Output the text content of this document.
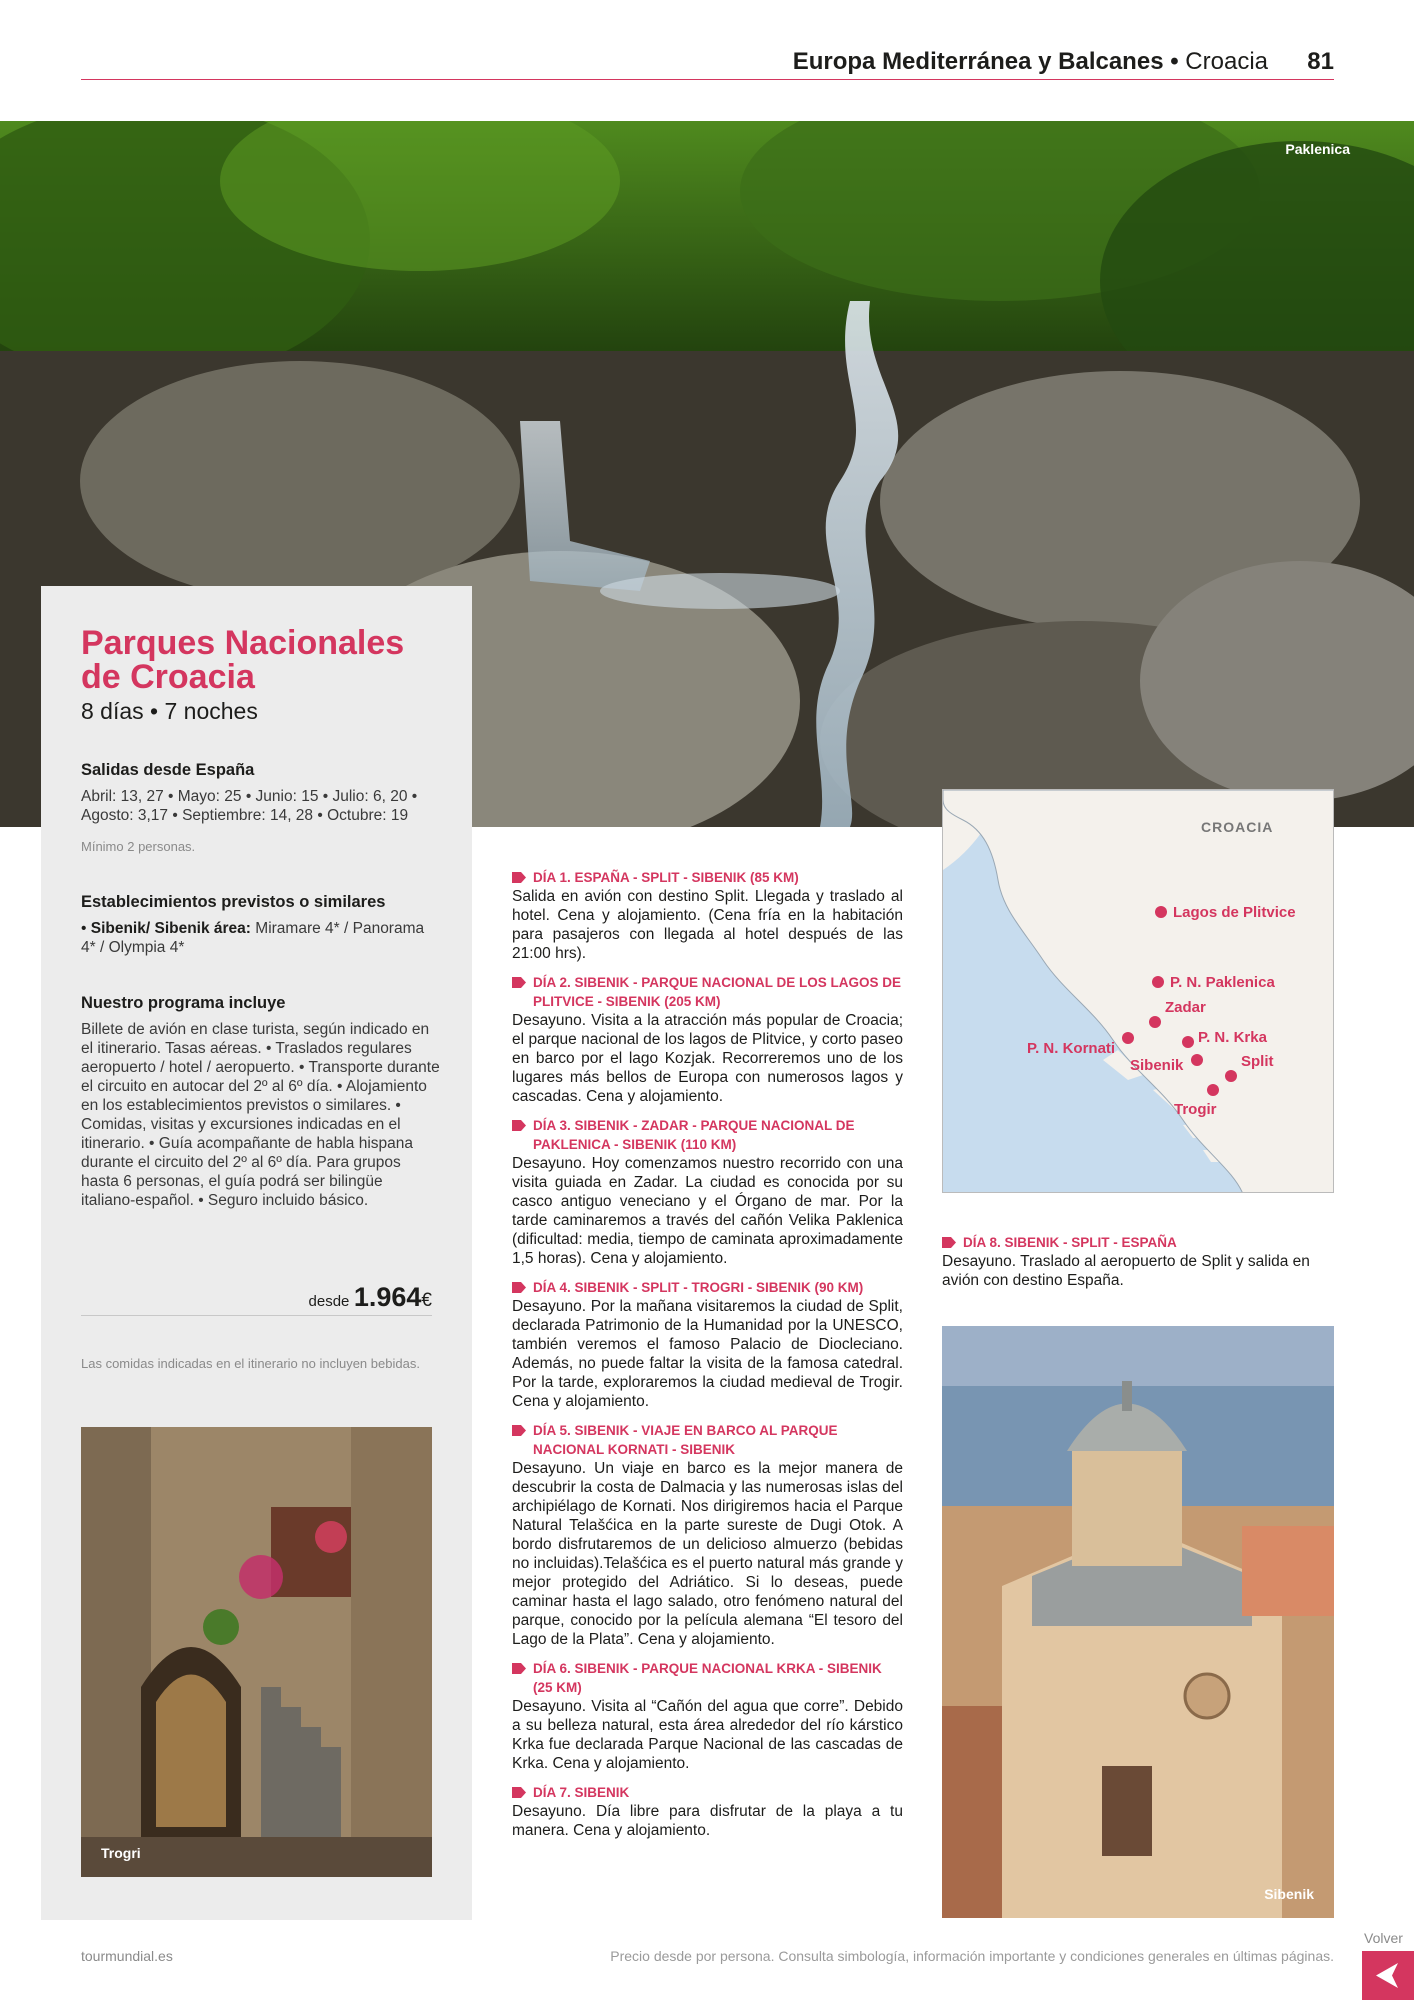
Europa Mediterránea y Balcanes • Croacia 81
Paklenica
Parques Nacionales de Croacia
8 días • 7 noches
Salidas desde España
Abril: 13, 27 • Mayo: 25 • Junio: 15 • Julio: 6, 20 • Agosto: 3,17 • Septiembre: 14, 28 • Octubre: 19
Mínimo 2 personas.
Establecimientos previstos o similares
• Sibenik/ Sibenik área: Miramare 4* / Panorama 4* / Olympia 4*
Nuestro programa incluye
Billete de avión en clase turista, según indicado en el itinerario. Tasas aéreas. • Traslados regulares aeropuerto / hotel / aeropuerto. • Transporte durante el circuito en autocar del 2º al 6º día. • Alojamiento en los establecimientos previstos o similares. • Comidas, visitas y excursiones indicadas en el itinerario. • Guía acompañante de habla hispana durante el circuito del 2º al 6º día. Para grupos hasta 6 personas, el guía podrá ser bilingüe italiano-español. • Seguro incluido básico.
desde 1.964€
Las comidas indicadas en el itinerario no incluyen bebidas.
Trogri
DÍA 1. ESPAÑA - SPLIT - SIBENIK (85 KM)
Salida en avión con destino Split. Llegada y traslado al hotel. Cena y alojamiento. (Cena fría en la habitación para pasajeros con llegada al hotel después de las 21:00 hrs).
DÍA 2. SIBENIK - PARQUE NACIONAL DE LOS LAGOS DE PLITVICE - SIBENIK (205 KM)
Desayuno. Visita a la atracción más popular de Croacia; el parque nacional de los lagos de Plitvice, y corto paseo en barco por el lago Kozjak. Recorreremos uno de los lugares más bellos de Europa con numerosos lagos y cascadas. Cena y alojamiento.
DÍA 3. SIBENIK - ZADAR - PARQUE NACIONAL DE PAKLENICA - SIBENIK (110 KM)
Desayuno. Hoy comenzamos nuestro recorrido con una visita guiada en Zadar. La ciudad es conocida por su casco antiguo veneciano y el Órgano de mar. Por la tarde caminaremos a través del cañón Velika Paklenica (dificultad: media, tiempo de caminata aproximadamente 1,5 horas). Cena y alojamiento.
DÍA 4. SIBENIK - SPLIT - TROGRI - SIBENIK (90 KM)
Desayuno. Por la mañana visitaremos la ciudad de Split, declarada Patrimonio de la Humanidad por la UNESCO, también veremos el famoso Palacio de Diocleciano. Además, no puede faltar la visita de la famosa catedral. Por la tarde, exploraremos la ciudad medieval de Trogir. Cena y alojamiento.
DÍA 5. SIBENIK - VIAJE EN BARCO AL PARQUE NACIONAL KORNATI - SIBENIK
Desayuno. Un viaje en barco es la mejor manera de descubrir la costa de Dalmacia y las numerosas islas del archipiélago de Kornati. Nos dirigiremos hacia el Parque Natural Telašćica en la parte sureste de Dugi Otok. A bordo disfrutaremos de un delicioso almuerzo (bebidas no incluidas).Telašćica es el puerto natural más grande y mejor protegido del Adriático. Si lo deseas, puede caminar hasta el lago salado, otro fenómeno natural del parque, conocido por la película alemana “El tesoro del Lago de la Plata”. Cena y alojamiento.
DÍA 6. SIBENIK - PARQUE NACIONAL KRKA - SIBENIK (25 KM)
Desayuno. Visita al “Cañón del agua que corre”. Debido a su belleza natural, esta área alrededor del río kárstico Krka fue declarada Parque Nacional de las cascadas de Krka. Cena y alojamiento.
DÍA 7. SIBENIK
Desayuno. Día libre para disfrutar de la playa a tu manera. Cena y alojamiento.
CROACIA
Lagos de Plitvice
P. N. Paklenica
Zadar
P. N. Krka
P. N. Kornati
Sibenik	Split
Trogir
DÍA 8. SIBENIK - SPLIT - ESPAÑA
Desayuno. Traslado al aeropuerto de Split y salida en avión con destino España.
Sibenik
tourmundial.es	Precio desde por persona. Consulta simbología, información importante y condiciones generales en últimas páginas.
Volver
